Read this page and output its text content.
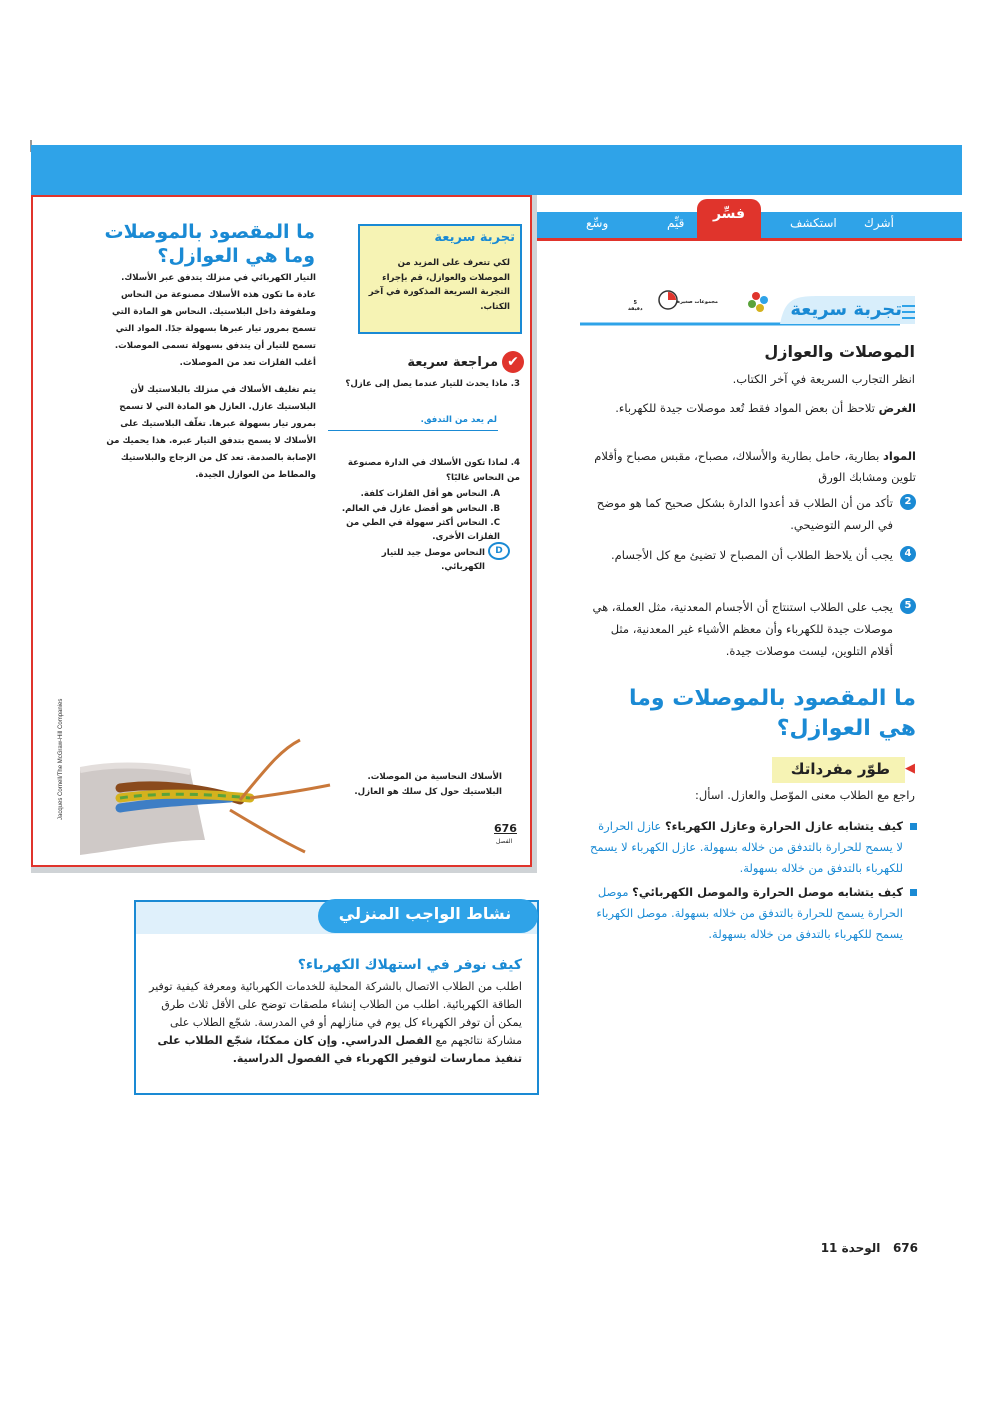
أشرك
استكشف
فسِّر
قيِّم
وسِّع
ما المقصود بالموصلات
وما هي العوازل؟
التيار الكهربائي في منزلك يتدفق عبر الأسلاك. عادة ما تكون هذه الأسلاك مصنوعة من النحاس وملفوفة داخل البلاستيك. النحاس هو المادة التي تسمح بمرور تيار عبرها بسهولة جدًا. المواد التي تسمح للتيار أن يتدفق بسهولة تسمى الموصلات. أغلب الفلزات تعد من الموصلات.
يتم تغليف الأسلاك في منزلك بالبلاستيك لأن البلاستيك عازل. العازل هو المادة التي لا تسمح بمرور تيار بسهولة عبرها. تغلّف البلاستيك على الأسلاك لا يسمح بتدفق التيار عبره. هذا يحميك من الإصابة بالصدمة. تعد كل من الزجاج والبلاستيك والمطاط من العوازل الجيدة.
تجربة سريعة
لكي تتعرف على المزيد من الموصلات والعوازل، قم بإجراء التجربة السريعة المذكورة في آخر الكتاب.
✔
مراجعة سريعة
3. ماذا يحدث للتيار عندما يصل إلى عازل؟
لم يعد من التدفق.
4. لماذا تكون الأسلاك في الدارة مصنوعة من النحاس غالبًا؟
A. النحاس هو أقل الفلزات كلفة.
B. النحاس هو أفضل عازل في العالم.
C. النحاس أكثر سهولة في الطي من الفلزات الأخرى.
D
النحاس موصل جيد للتيار الكهربائي.
الأسلاك النحاسية من الموصلات. البلاستيك حول كل سلك هو العازل.
676
الفصل
Jacques Cornell/The McGraw-Hill Companies
تجربة سريعة
مجموعات صغيرة
5
دقيقة
الموصلات والعوازل
انظر التجارب السريعة في آخر الكتاب.
الغرض تلاحظ أن بعض المواد فقط تُعد موصلات جيدة للكهرباء.
المواد بطارية، حامل بطارية والأسلاك، مصباح، مقبس مصباح وأقلام تلوين ومشابك الورق
2
تأكد من أن الطلاب قد أعدوا الدارة بشكل صحيح كما هو موضح في الرسم التوضيحي.
4
يجب أن يلاحظ الطلاب أن المصباح لا تضيئ مع كل الأجسام.
5
يجب على الطلاب استنتاج أن الأجسام المعدنية، مثل العملة، هي موصلات جيدة للكهرباء وأن معظم الأشياء غير المعدنية، مثل أقلام التلوين، ليست موصلات جيدة.
ما المقصود بالموصلات وما
هي العوازل؟
طوّر مفرداتك ◀
راجع مع الطلاب معنى الموّصل والعازل. اسأل:
كيف يتشابه عازل الحرارة وعازل الكهرباء؟ عازل الحرارة لا يسمح للحرارة بالتدفق من خلاله بسهولة. عازل الكهرباء لا يسمح للكهرباء بالتدفق من خلاله بسهولة.
كيف يتشابه موصل الحرارة والموصل الكهربائي؟ موصل الحرارة يسمح للحرارة بالتدفق من خلاله بسهولة. موصل الكهرباء يسمح للكهرباء بالتدفق من خلاله بسهولة.
نشاط الواجب المنزلي
كيف نوفر في استهلاك الكهرباء؟
اطلب من الطلاب الاتصال بالشركة المحلية للخدمات الكهربائية ومعرفة كيفية توفير الطاقة الكهربائية. اطلب من الطلاب إنشاء ملصقات توضح على الأقل ثلاث طرق يمكن أن توفر الكهرباء كل يوم في منازلهم أو في المدرسة. شجّع الطلاب على مشاركة نتائجهم مع الفصل الدراسي. وإن كان ممكنًا، شجّع الطلاب على تنفيذ ممارسات لتوفير الكهرباء في الفصول الدراسية.
676   الوحدة 11
